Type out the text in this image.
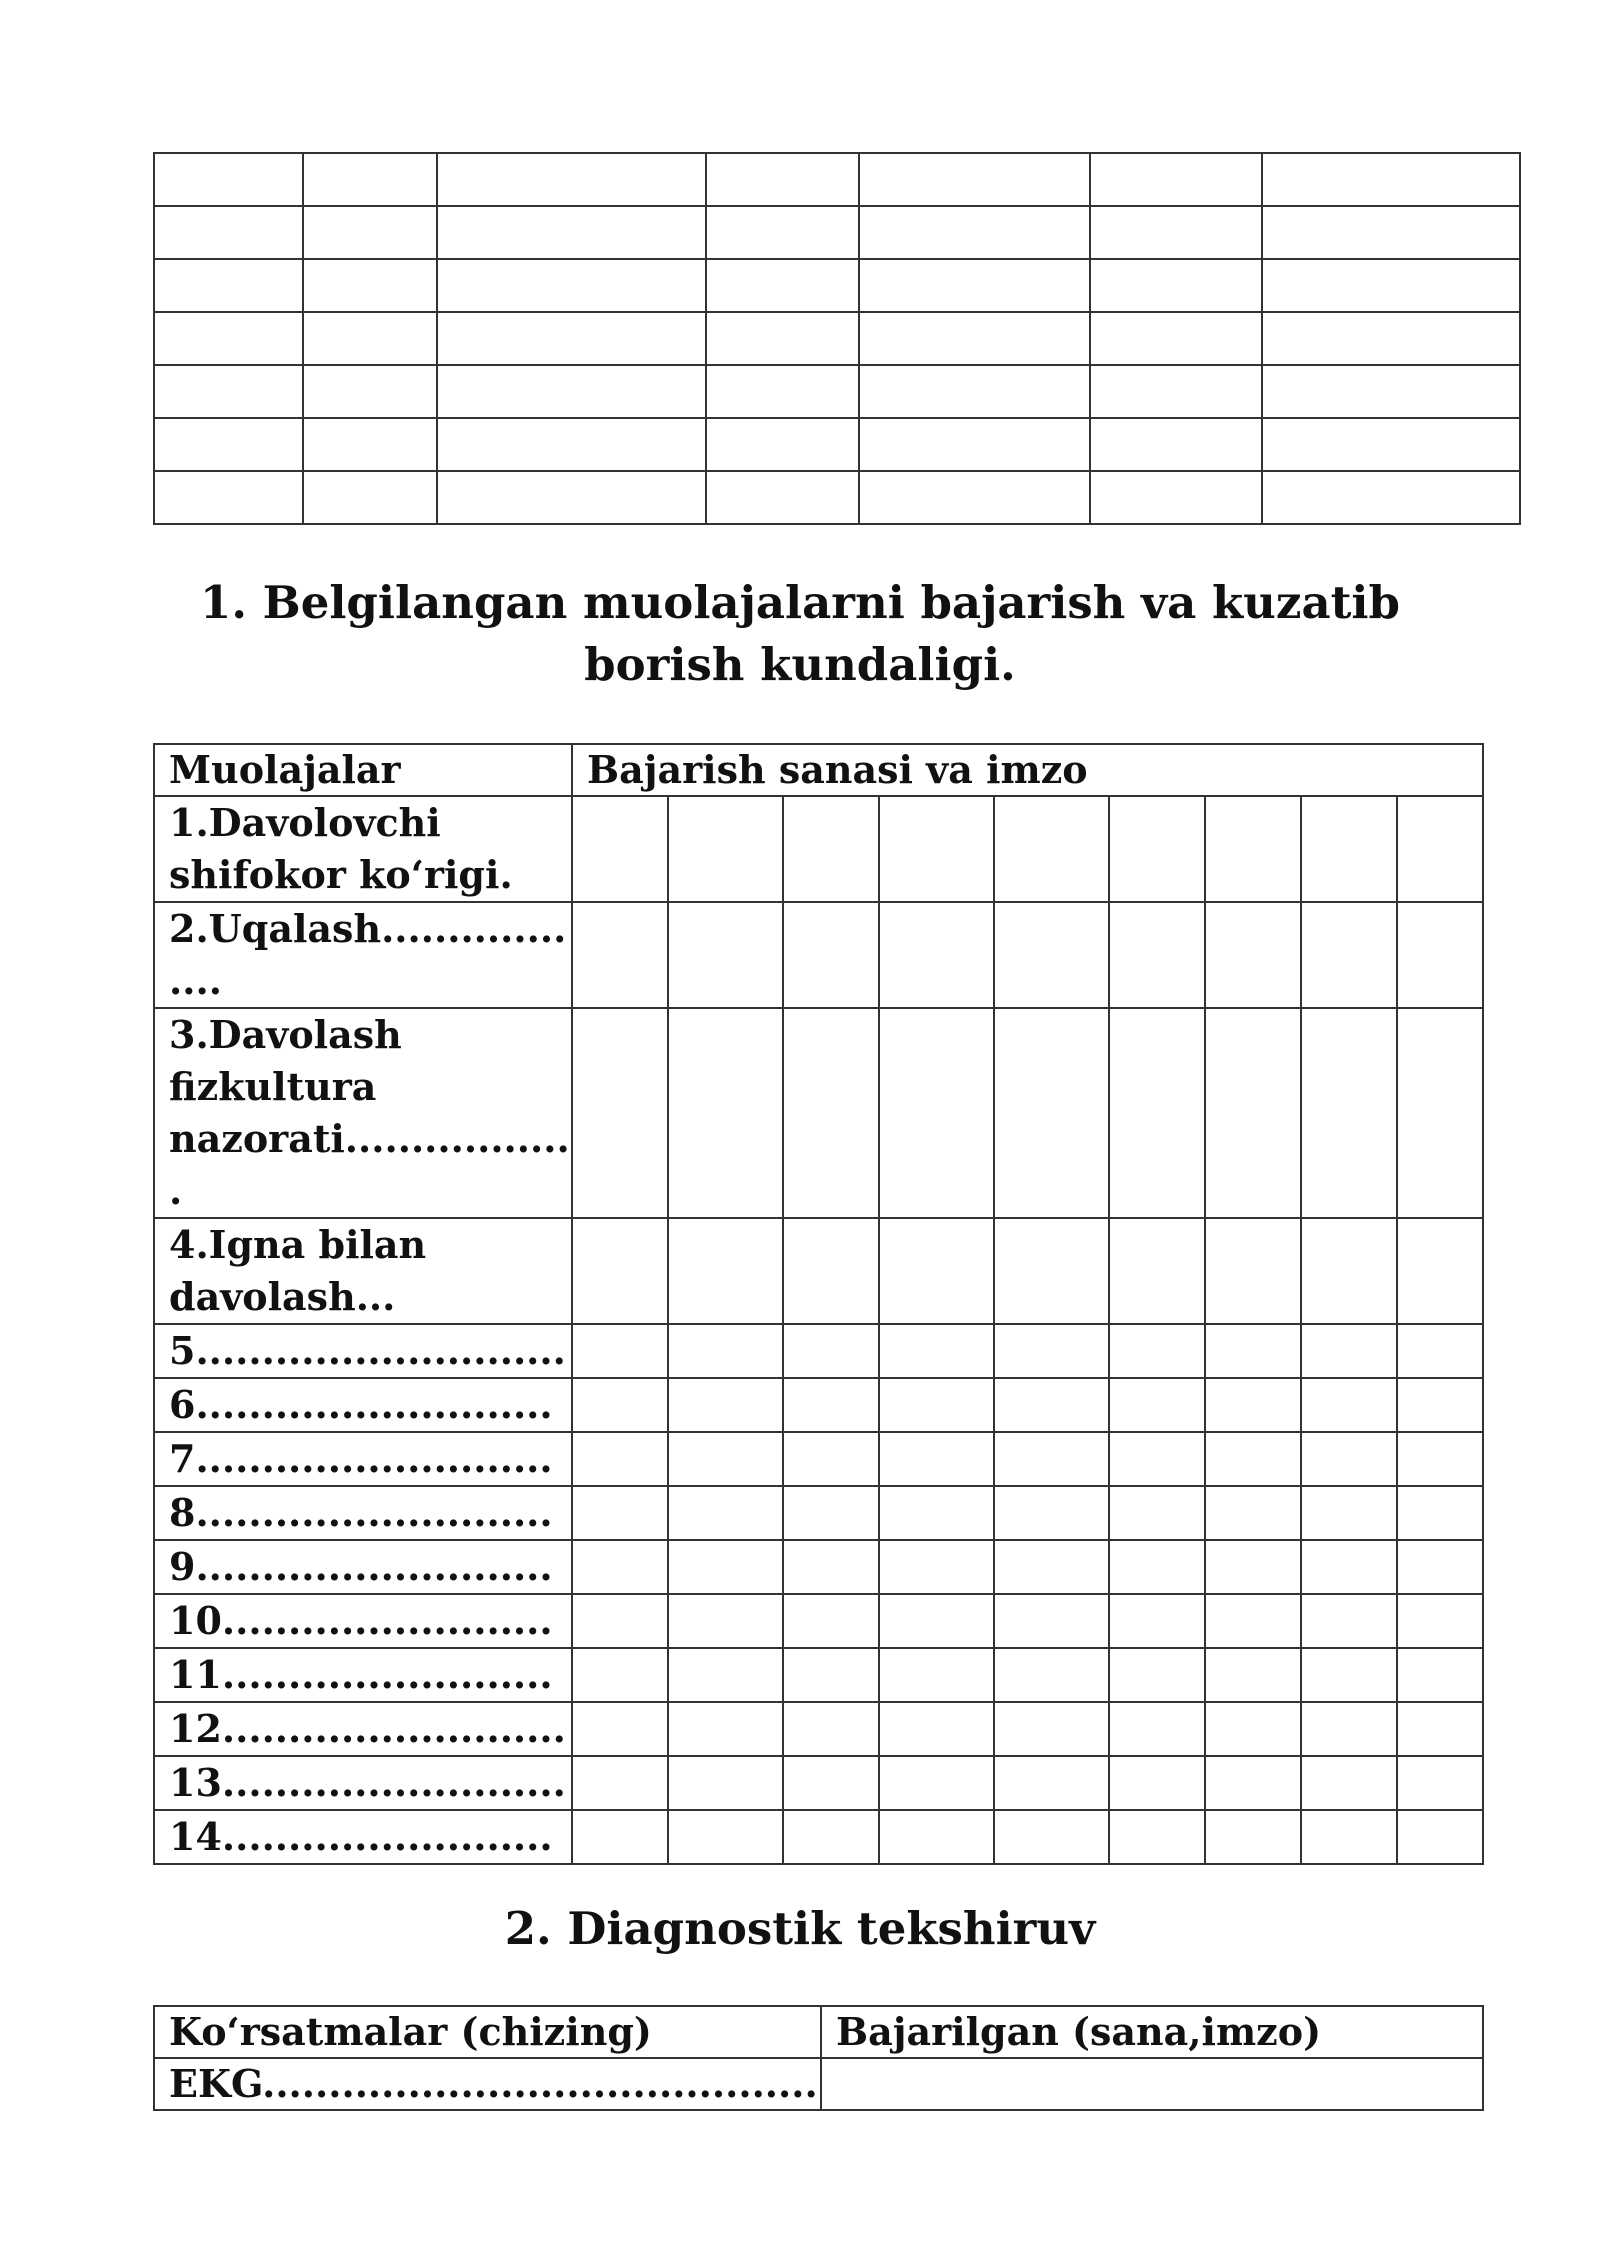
1. Belgilangan muolajalarni bajarish va kuzatib borish kundaligi.
Muolajalar	Bajarish sanasi va imzo								
1.Davolovchi
shifokor ko‘rigi.									
2.Uqalash..............
....									
3.Davolash
fizkultura
nazorati.................
.									
4.Igna bilan
davolash...									
5............................									
6...........................									
7...........................									
8...........................									
9...........................									
10.........................									
11.........................									
12..........................									
13..........................									
14.........................									
2. Diagnostik tekshiruv
Ko‘rsatmalar (chizing)	Bajarilgan (sana,imzo)
EKG..........................................	
